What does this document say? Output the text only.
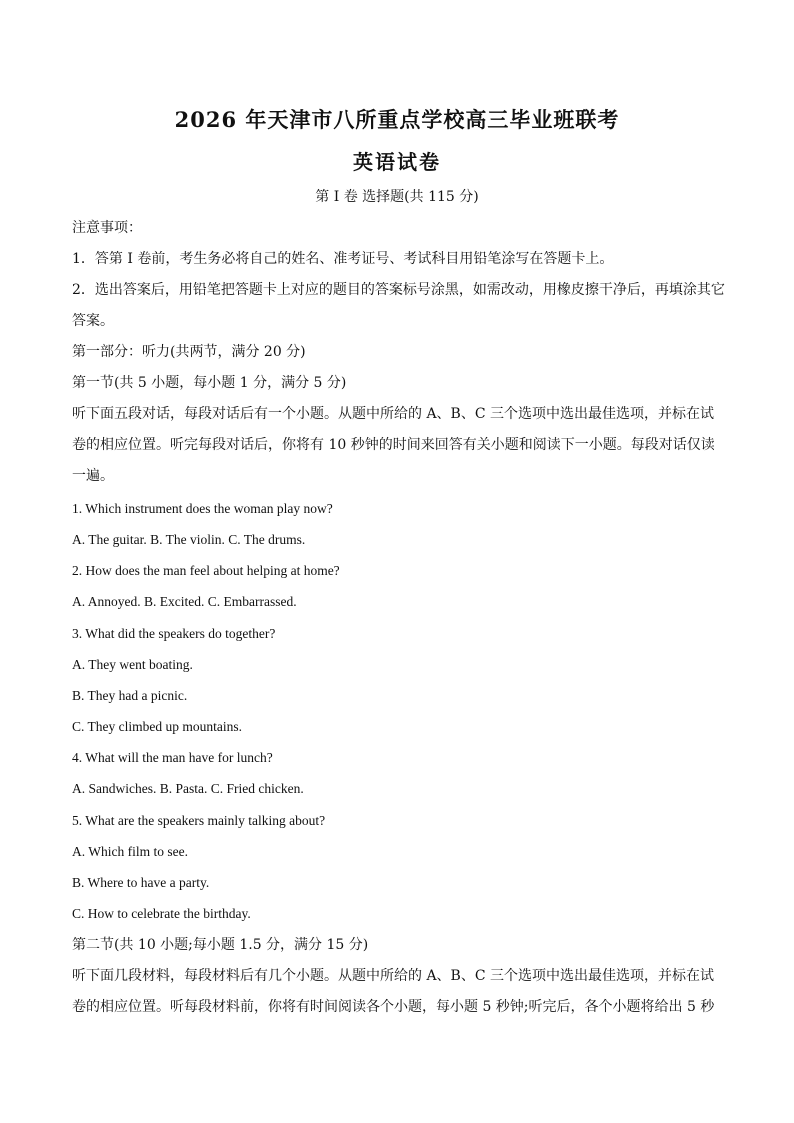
2026 年天津市八所重点学校高三毕业班联考
英语试卷
第 I 卷 选择题(共 115 分)
注意事项：
1．答第 I 卷前，考生务必将自己的姓名、准考证号、考试科目用铅笔涂写在答题卡上。
2．选出答案后，用铅笔把答题卡上对应的题目的答案标号涂黑，如需改动，用橡皮擦干净后，再填涂其它
答案。
第一部分：听力(共两节，满分 20 分)
第一节(共 5 小题，每小题 1 分，满分 5 分)
听下面五段对话，每段对话后有一个小题。从题中所给的 A、B、C 三个选项中选出最佳选项，并标在试
卷的相应位置。听完每段对话后，你将有 10 秒钟的时间来回答有关小题和阅读下一小题。每段对话仅读
一遍。
1. Which instrument does the woman play now?
A. The guitar. B. The violin. C. The drums.
2. How does the man feel about helping at home?
A. Annoyed. B. Excited. C. Embarrassed.
3. What did the speakers do together?
A. They went boating.
B. They had a picnic.
C. They climbed up mountains.
4. What will the man have for lunch?
A. Sandwiches. B. Pasta. C. Fried chicken.
5. What are the speakers mainly talking about?
A. Which film to see.
B. Where to have a party.
C. How to celebrate the birthday.
第二节(共 10 小题;每小题 1.5 分，满分 15 分)
听下面几段材料，每段材料后有几个小题。从题中所给的 A、B、C 三个选项中选出最佳选项，并标在试
卷的相应位置。听每段材料前，你将有时间阅读各个小题，每小题 5 秒钟;听完后，各个小题将给出 5 秒
